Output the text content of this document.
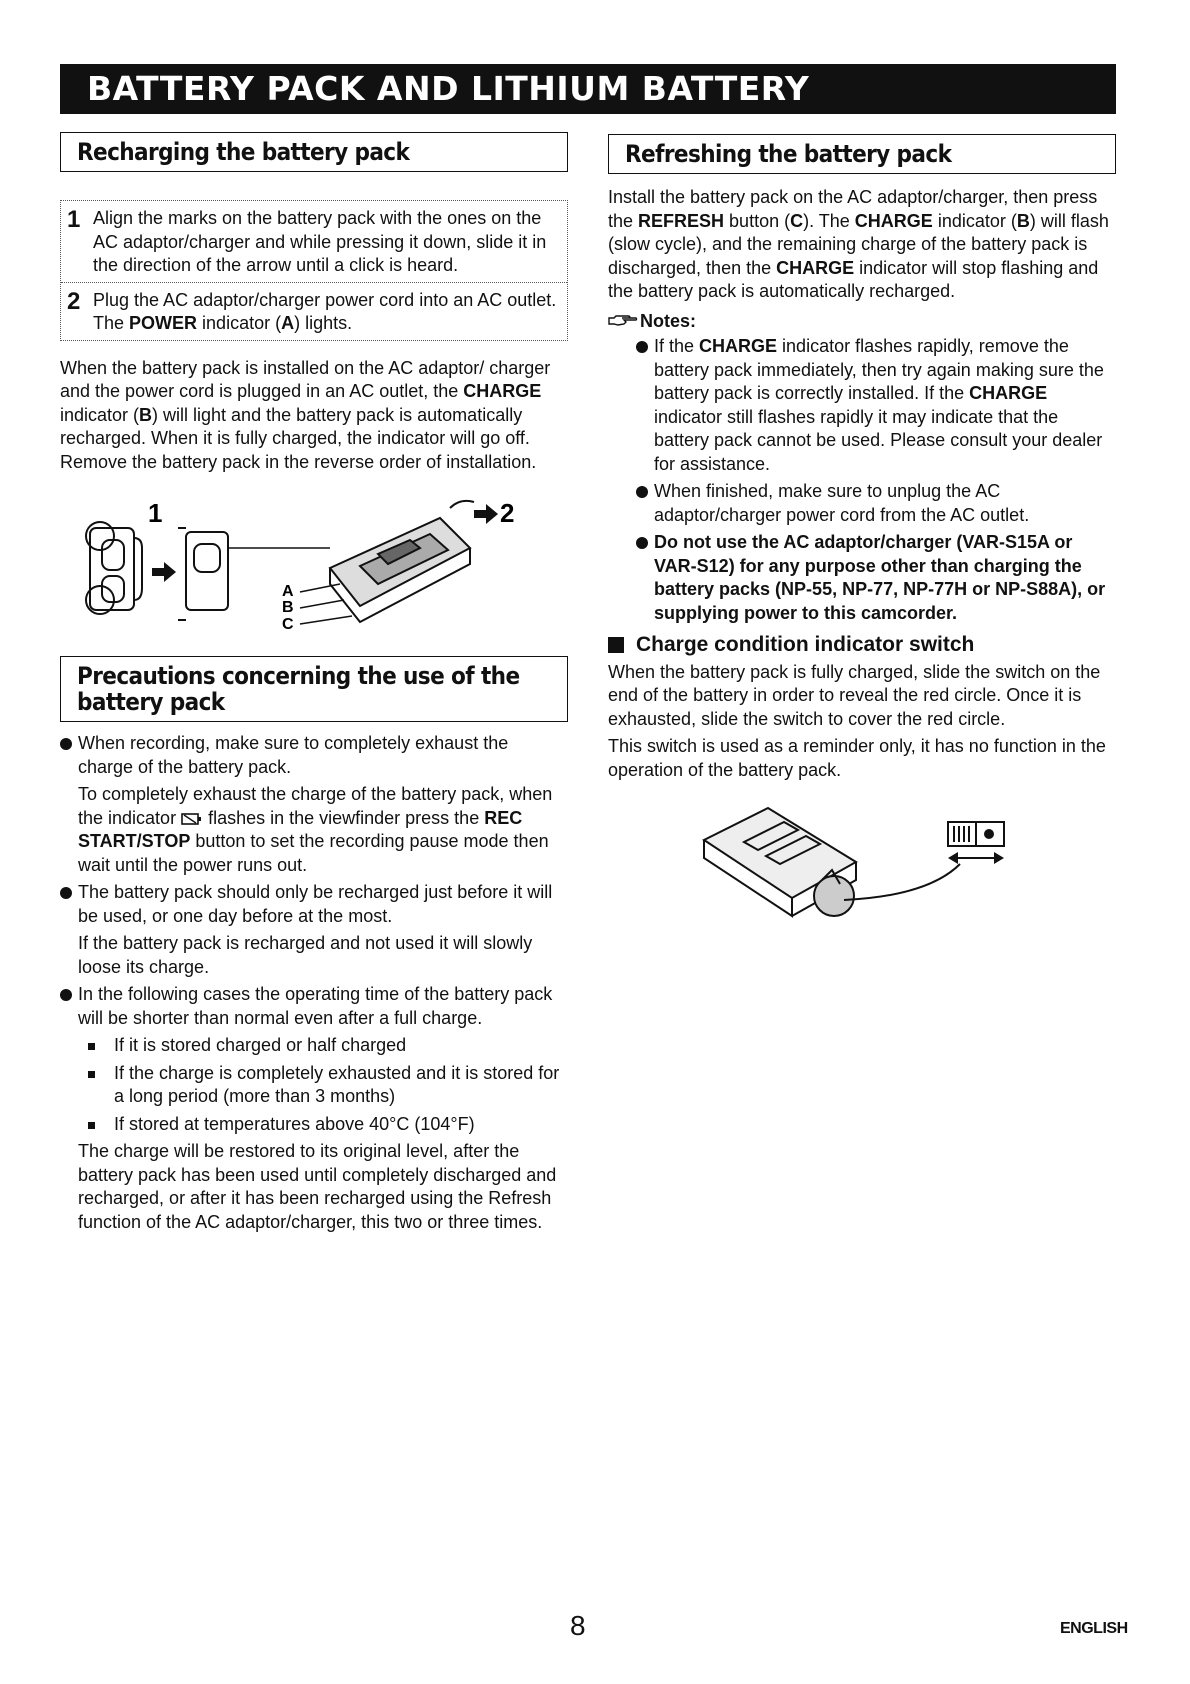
BATTERY PACK AND LITHIUM BATTERY
Recharging the battery pack
1 Align the marks on the battery pack with the ones on the AC adaptor/charger and while pressing it down, slide it in the direction of the arrow until a click is heard.
2 Plug the AC adaptor/charger power cord into an AC outlet. The POWER indicator (A) lights.

When the battery pack is installed on the AC adaptor/ charger and the power cord is plugged in an AC outlet, the CHARGE indicator (B) will light and the battery pack is automatically recharged. When it is fully charged, the indicator will go off. Remove the battery pack in the reverse order of installation.

1	2
A
B
C
Precautions concerning the use of the battery pack
When recording, make sure to completely exhaust the charge of the battery pack.
To completely exhaust the charge of the battery pack, when the indicator  flashes in the viewfinder press the REC START/STOP button to set the recording pause mode then wait until the power runs out.
The battery pack should only be recharged just before it will be used, or one day before at the most.
If the battery pack is recharged and not used it will slowly loose its charge.
In the following cases the operating time of the battery pack will be shorter than normal even after a full charge.
If it is stored charged or half charged
If the charge is completely exhausted and it is stored for a long period (more than 3 months)
If stored at temperatures above 40°C (104°F)

The charge will be restored to its original level, after the battery pack has been used until completely discharged and recharged, or after it has been recharged using the Refresh function of the AC adaptor/charger, this two or three times.

Refreshing the battery pack

Install the battery pack on the AC adaptor/charger, then press the REFRESH button (C). The CHARGE indicator (B) will flash (slow cycle), and the remaining charge of the battery pack is discharged, then the CHARGE indicator will stop flashing and the battery pack is automatically recharged.

Notes:
If the CHARGE indicator flashes rapidly, remove the battery pack immediately, then try again making sure the battery pack is correctly installed. If the CHARGE indicator still flashes rapidly it may indicate that the battery pack cannot be used. Please consult your dealer for assistance.
When finished, make sure to unplug the AC adaptor/charger power cord from the AC outlet.
Do not use the AC adaptor/charger (VAR-S15A or VAR-S12) for any purpose other than charging the battery packs (NP-55, NP-77, NP-77H or NP-S88A), or supplying power to this camcorder.
Charge condition indicator switch

When the battery pack is fully charged, slide the switch on the end of the battery in order to reveal the red circle. Once it is exhausted, slide the switch to cover the red circle.

This switch is used as a reminder only, it has no function in the operation of the battery pack.

8	ENGLISH
